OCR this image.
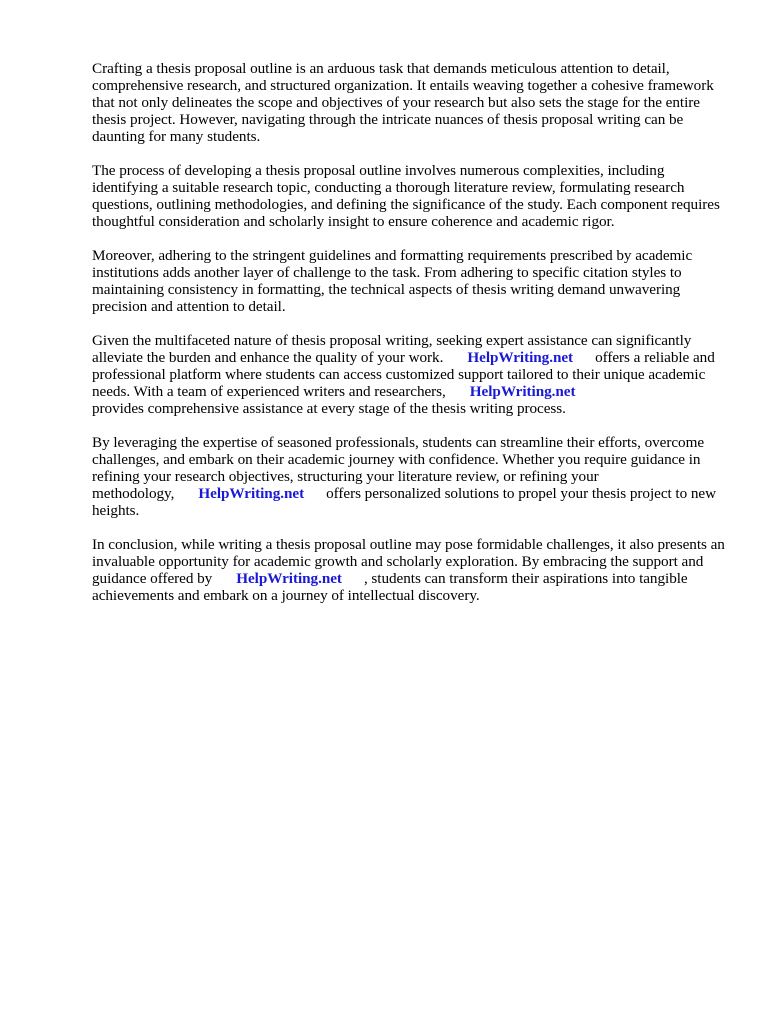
Crafting a thesis proposal outline is an arduous task that demands meticulous attention to detail, comprehensive research, and structured organization. It entails weaving together a cohesive framework that not only delineates the scope and objectives of your research but also sets the stage for the entire thesis project. However, navigating through the intricate nuances of thesis proposal writing can be daunting for many students.

The process of developing a thesis proposal outline involves numerous complexities, including identifying a suitable research topic, conducting a thorough literature review, formulating research questions, outlining methodologies, and defining the significance of the study. Each component requires thoughtful consideration and scholarly insight to ensure coherence and academic rigor.

Moreover, adhering to the stringent guidelines and formatting requirements prescribed by academic institutions adds another layer of challenge to the task. From adhering to specific citation styles to maintaining consistency in formatting, the technical aspects of thesis writing demand unwavering precision and attention to detail.

Given the multifaceted nature of thesis proposal writing, seeking expert assistance can significantly alleviate the burden and enhance the quality of your work. HelpWriting.net offers a reliable and professional platform where students can access customized support tailored to their unique academic needs. With a team of experienced writers and researchers, HelpWriting.net
provides comprehensive assistance at every stage of the thesis writing process.

By leveraging the expertise of seasoned professionals, students can streamline their efforts, overcome challenges, and embark on their academic journey with confidence. Whether you require guidance in refining your research objectives, structuring your literature review, or refining your methodology, HelpWriting.net offers personalized solutions to propel your thesis project to new heights.

In conclusion, while writing a thesis proposal outline may pose formidable challenges, it also presents an invaluable opportunity for academic growth and scholarly exploration. By embracing the support and guidance offered by HelpWriting.net , students can transform their aspirations into tangible achievements and embark on a journey of intellectual discovery.
